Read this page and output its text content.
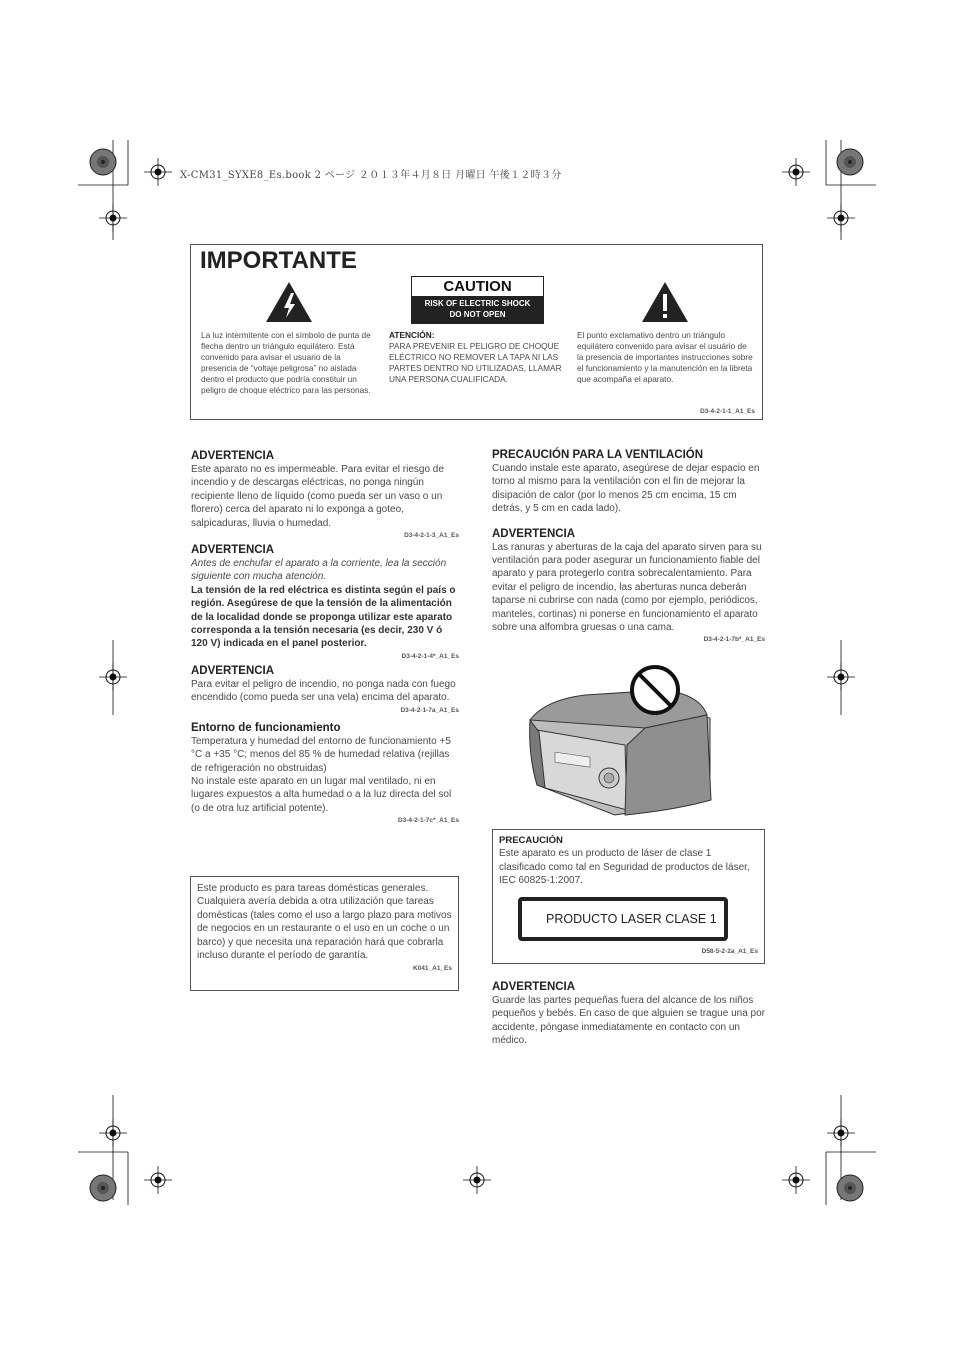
X-CM31_SYXE8_Es.book 2 ページ ２０１３年４月８日 月曜日 午後１２時３分
IMPORTANTE
CAUTION
RISK OF ELECTRIC SHOCK
DO NOT OPEN
La luz intermitente con el símbolo de punta de flecha dentro un triángulo equilátero. Está convenido para avisar el usuario de la presencia de “voltaje peligrosa” no aislada dentro el producto que podría constituir un peligro de choque eléctrico para las personas.
ATENCIÓN:
PARA PREVENIR EL PELIGRO DE CHOQUE ELÉCTRICO NO REMOVER LA TAPA NI LAS PARTES DENTRO NO UTILIZADAS, LLAMAR UNA PERSONA CUALIFICADA.
El punto exclamativo dentro un triángulo equilátero convenido para avisar el usuário de la presencia de importantes instrucciones sobre el funcionamiento y la manutención en la libreta que acompaña el aparato.
D3-4-2-1-1_A1_Es
ADVERTENCIA
Este aparato no es impermeable. Para evitar el riesgo de incendio y de descargas eléctricas, no ponga ningún recipiente lleno de líquido (como pueda ser un vaso o un florero) cerca del aparato ni lo exponga a goteo, salpicaduras, lluvia o humedad.
D3-4-2-1-3_A1_Es
ADVERTENCIA
Antes de enchufar el aparato a la corriente, lea la sección siguiente con mucha atención.
La tensión de la red eléctrica es distinta según el país o región. Asegúrese de que la tensión de la alimentación de la localidad donde se proponga utilizar este aparato corresponda a la tensión necesaria (es decir, 230 V ó 120 V) indicada en el panel posterior.
D3-4-2-1-4*_A1_Es
ADVERTENCIA
Para evitar el peligro de incendio, no ponga nada con fuego encendido (como pueda ser una vela) encima del aparato.
D3-4-2-1-7a_A1_Es
Entorno de funcionamiento
Temperatura y humedad del entorno de funcionamiento +5 °C a +35 °C; menos del 85 % de humedad relativa (rejillas de refrigeración no obstruidas)
No instale este aparato en un lugar mal ventilado, ni en lugares expuestos a alta humedad o a la luz directa del sol (o de otra luz artificial potente).
D3-4-2-1-7c*_A1_Es
Este producto es para tareas domésticas generales. Cualquiera avería debida a otra utilización que tareas domésticas (tales como el uso a largo plazo para motivos de negocios en un restaurante o el uso en un coche o un barco) y que necesita una reparación hará que cobrarla incluso durante el período de garantía.
K041_A1_Es
PRECAUCIÓN PARA LA VENTILACIÓN
Cuando instale este aparato, asegúrese de dejar espacio en torno al mismo para la ventilación con el fin de mejorar la disipación de calor (por lo menos 25 cm encima, 15 cm detrás, y 5 cm en cada lado).
ADVERTENCIA
Las ranuras y aberturas de la caja del aparato sirven para su ventilación para poder asegurar un funcionamiento fiable del aparato y para protegerlo contra sobrecalentamiento. Para evitar el peligro de incendio, las aberturas nunca deberán taparse ni cubrirse con nada (como por ejemplo, periódicos, manteles, cortinas) ni ponerse en funcionamiento el aparato sobre una alfombra gruesas o una cama.
D3-4-2-1-7b*_A1_Es
PRECAUCIÓN
Este aparato es un producto de láser de clase 1 clasificado como tal en Seguridad de productos de láser, IEC 60825-1:2007.
PRODUCTO LASER CLASE 1
D58-5-2-2a_A1_Es
ADVERTENCIA
Guarde las partes pequeñas fuera del alcance de los niños pequeños y bebés. En caso de que alguien se trague una por accidente, póngase inmediatamente en contacto con un médico.
